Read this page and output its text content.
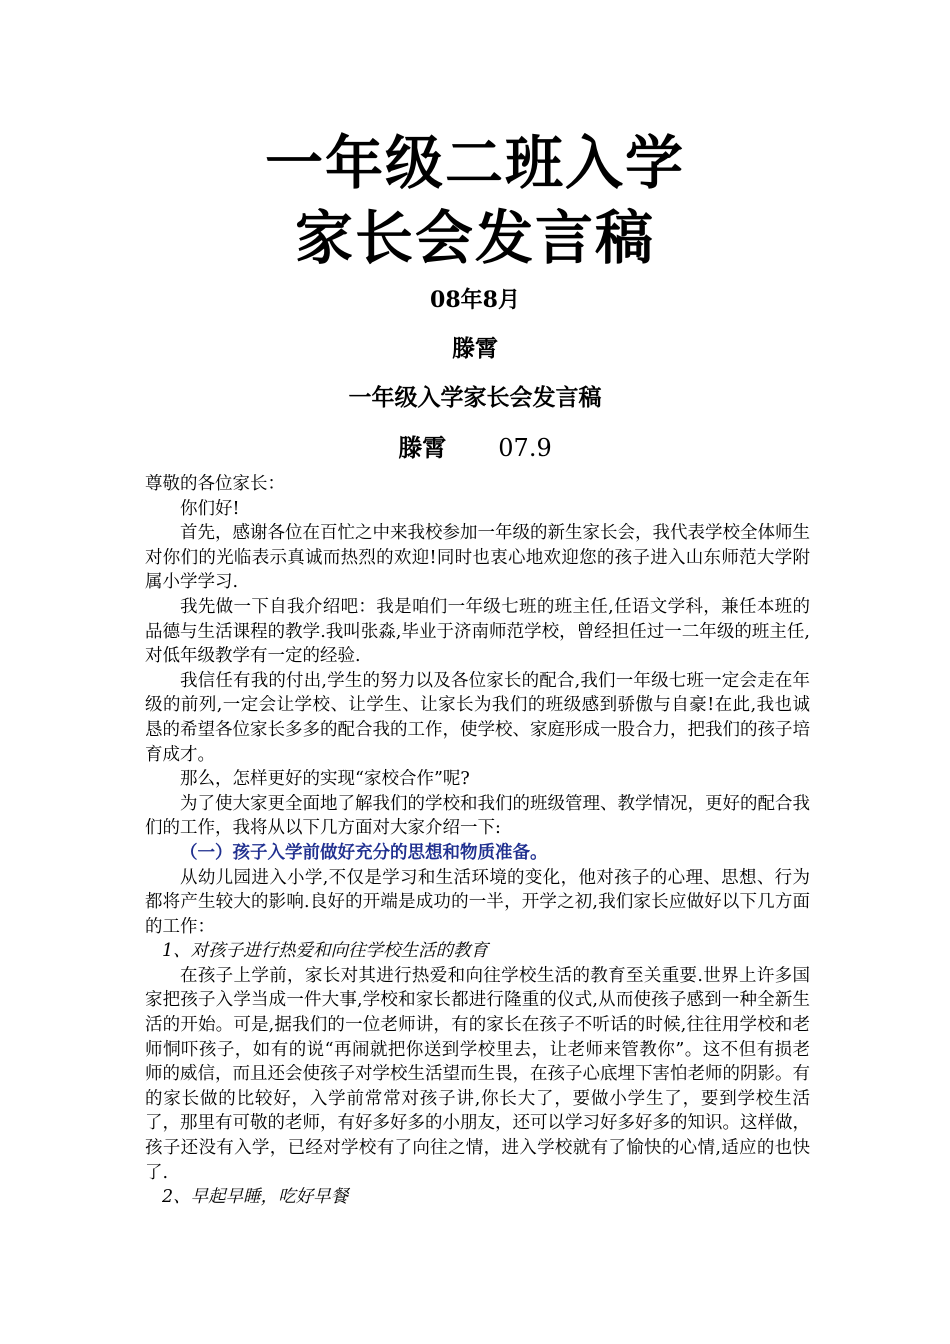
一年级二班入学
家长会发言稿
08年8月
滕霄
一年级入学家长会发言稿
滕霄 07.9

尊敬的各位家长：

你们好!

首先，感谢各位在百忙之中来我校参加一年级的新生家长会，我代表学校全体师生对你们的光临表示真诚而热烈的欢迎!同时也衷心地欢迎您的孩子进入山东师范大学附属小学学习.

我先做一下自我介绍吧：我是咱们一年级七班的班主任,任语文学科，兼任本班的品德与生活课程的教学.我叫张淼,毕业于济南师范学校，曾经担任过一二年级的班主任,对低年级教学有一定的经验.

我信任有我的付出,学生的努力以及各位家长的配合,我们一年级七班一定会走在年级的前列,一定会让学校、让学生、让家长为我们的班级感到骄傲与自豪!在此,我也诚恳的希望各位家长多多的配合我的工作，使学校、家庭形成一股合力，把我们的孩子培育成才。

那么，怎样更好的实现“家校合作”呢?

为了使大家更全面地了解我们的学校和我们的班级管理、教学情况，更好的配合我们的工作，我将从以下几方面对大家介绍一下:

（一）孩子入学前做好充分的思想和物质准备。

从幼儿园进入小学,不仅是学习和生活环境的变化，他对孩子的心理、思想、行为都将产生较大的影响.良好的开端是成功的一半，开学之初,我们家长应做好以下几方面的工作：

1、对孩子进行热爱和向往学校生活的教育

在孩子上学前，家长对其进行热爱和向往学校生活的教育至关重要.世界上许多国家把孩子入学当成一件大事,学校和家长都进行隆重的仪式,从而使孩子感到一种全新生活的开始。可是,据我们的一位老师讲，有的家长在孩子不听话的时候,往往用学校和老师恫吓孩子，如有的说“再闹就把你送到学校里去，让老师来管教你”。这不但有损老师的威信，而且还会使孩子对学校生活望而生畏，在孩子心底埋下害怕老师的阴影。有的家长做的比较好，入学前常常对孩子讲,你长大了，要做小学生了，要到学校生活了，那里有可敬的老师，有好多好多的小朋友，还可以学习好多好多的知识。这样做，孩子还没有入学，已经对学校有了向往之情，进入学校就有了愉快的心情,适应的也快了.

2、早起早睡，吃好早餐
